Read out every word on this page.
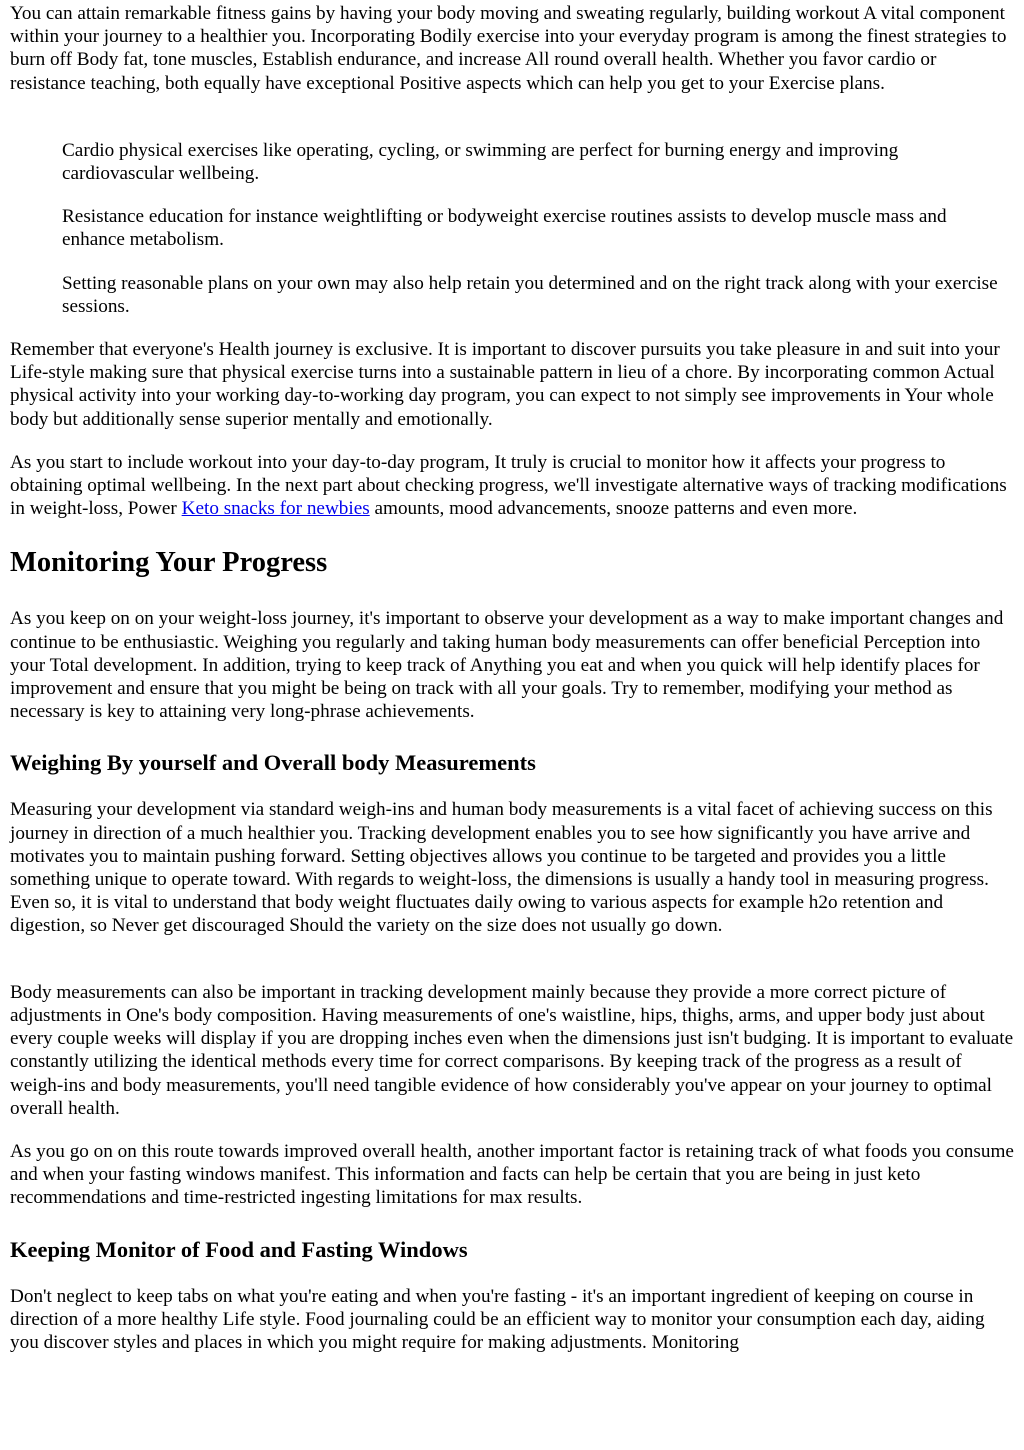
You can attain remarkable fitness gains by having your body moving and sweating regularly, building workout A vital component within your journey to a healthier you. Incorporating Bodily exercise into your everyday program is among the finest strategies to burn off Body fat, tone muscles, Establish endurance, and increase All round overall health. Whether you favor cardio or resistance teaching, both equally have exceptional Positive aspects which can help you get to your Exercise plans.

Cardio physical exercises like operating, cycling, or swimming are perfect for burning energy and improving cardiovascular wellbeing.

Resistance education for instance weightlifting or bodyweight exercise routines assists to develop muscle mass and enhance metabolism.

Setting reasonable plans on your own may also help retain you determined and on the right track along with your exercise sessions.

Remember that everyone's Health journey is exclusive. It is important to discover pursuits you take pleasure in and suit into your Life-style making sure that physical exercise turns into a sustainable pattern in lieu of a chore. By incorporating common Actual physical activity into your working day-to-working day program, you can expect to not simply see improvements in Your whole body but additionally sense superior mentally and emotionally.

As you start to include workout into your day-to-day program, It truly is crucial to monitor how it affects your progress to obtaining optimal wellbeing. In the next part about checking progress, we'll investigate alternative ways of tracking modifications in weight-loss, Power Keto snacks for newbies amounts, mood advancements, snooze patterns and even more.

Monitoring Your Progress

As you keep on on your weight-loss journey, it's important to observe your development as a way to make important changes and continue to be enthusiastic. Weighing you regularly and taking human body measurements can offer beneficial Perception into your Total development. In addition, trying to keep track of Anything you eat and when you quick will help identify places for improvement and ensure that you might be being on track with all your goals. Try to remember, modifying your method as necessary is key to attaining very long-phrase achievements.

Weighing By yourself and Overall body Measurements

Measuring your development via standard weigh-ins and human body measurements is a vital facet of achieving success on this journey in direction of a much healthier you. Tracking development enables you to see how significantly you have arrive and motivates you to maintain pushing forward. Setting objectives allows you continue to be targeted and provides you a little something unique to operate toward. With regards to weight-loss, the dimensions is usually a handy tool in measuring progress. Even so, it is vital to understand that body weight fluctuates daily owing to various aspects for example h2o retention and digestion, so Never get discouraged Should the variety on the size does not usually go down.

Body measurements can also be important in tracking development mainly because they provide a more correct picture of adjustments in One's body composition. Having measurements of one's waistline, hips, thighs, arms, and upper body just about every couple weeks will display if you are dropping inches even when the dimensions just isn't budging. It is important to evaluate constantly utilizing the identical methods every time for correct comparisons. By keeping track of the progress as a result of weigh-ins and body measurements, you'll need tangible evidence of how considerably you've appear on your journey to optimal overall health.

As you go on on this route towards improved overall health, another important factor is retaining track of what foods you consume and when your fasting windows manifest. This information and facts can help be certain that you are being in just keto recommendations and time-restricted ingesting limitations for max results.

Keeping Monitor of Food and Fasting Windows

Don't neglect to keep tabs on what you're eating and when you're fasting - it's an important ingredient of keeping on course in direction of a more healthy Life style. Food journaling could be an efficient way to monitor your consumption each day, aiding you discover styles and places in which you might require for making adjustments. Monitoring
